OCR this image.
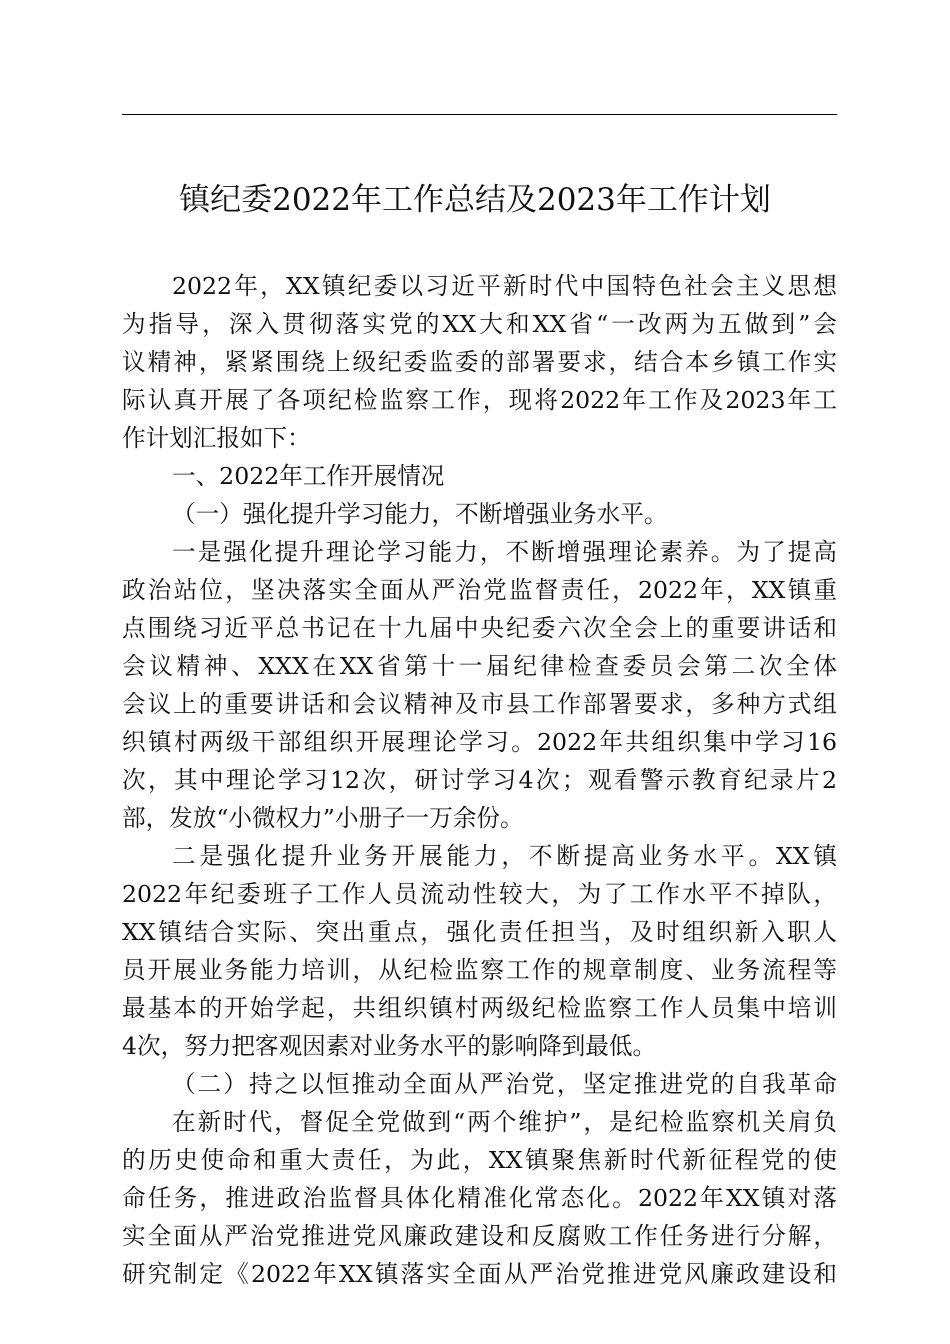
镇纪委2022年工作总结及2023年工作计划
2022年，XX镇纪委以习近平新时代中国特色社会主义思想
为指导，深入贯彻落实党的XX大和XX省“一改两为五做到”会
议精神，紧紧围绕上级纪委监委的部署要求，结合本乡镇工作实
际认真开展了各项纪检监察工作，现将2022年工作及2023年工
作计划汇报如下：
一、2022年工作开展情况
（一）强化提升学习能力，不断增强业务水平。
一是强化提升理论学习能力，不断增强理论素养。为了提高
政治站位，坚决落实全面从严治党监督责任，2022年，XX镇重
点围绕习近平总书记在十九届中央纪委六次全会上的重要讲话和
会议精神、XXX在XX省第十一届纪律检查委员会第二次全体
会议上的重要讲话和会议精神及市县工作部署要求，多种方式组
织镇村两级干部组织开展理论学习。2022年共组织集中学习16
次，其中理论学习12次，研讨学习4次；观看警示教育纪录片2
部，发放“小微权力”小册子一万余份。
二是强化提升业务开展能力，不断提高业务水平。XX镇
2022年纪委班子工作人员流动性较大，为了工作水平不掉队，
XX镇结合实际、突出重点，强化责任担当，及时组织新入职人
员开展业务能力培训，从纪检监察工作的规章制度、业务流程等
最基本的开始学起，共组织镇村两级纪检监察工作人员集中培训
4次，努力把客观因素对业务水平的影响降到最低。
（二）持之以恒推动全面从严治党，坚定推进党的自我革命
在新时代，督促全党做到“两个维护”，是纪检监察机关肩负
的历史使命和重大责任，为此，XX镇聚焦新时代新征程党的使
命任务，推进政治监督具体化精准化常态化。2022年XX镇对落
实全面从严治党推进党风廉政建设和反腐败工作任务进行分解，
研究制定《2022年XX镇落实全面从严治党推进党风廉政建设和
